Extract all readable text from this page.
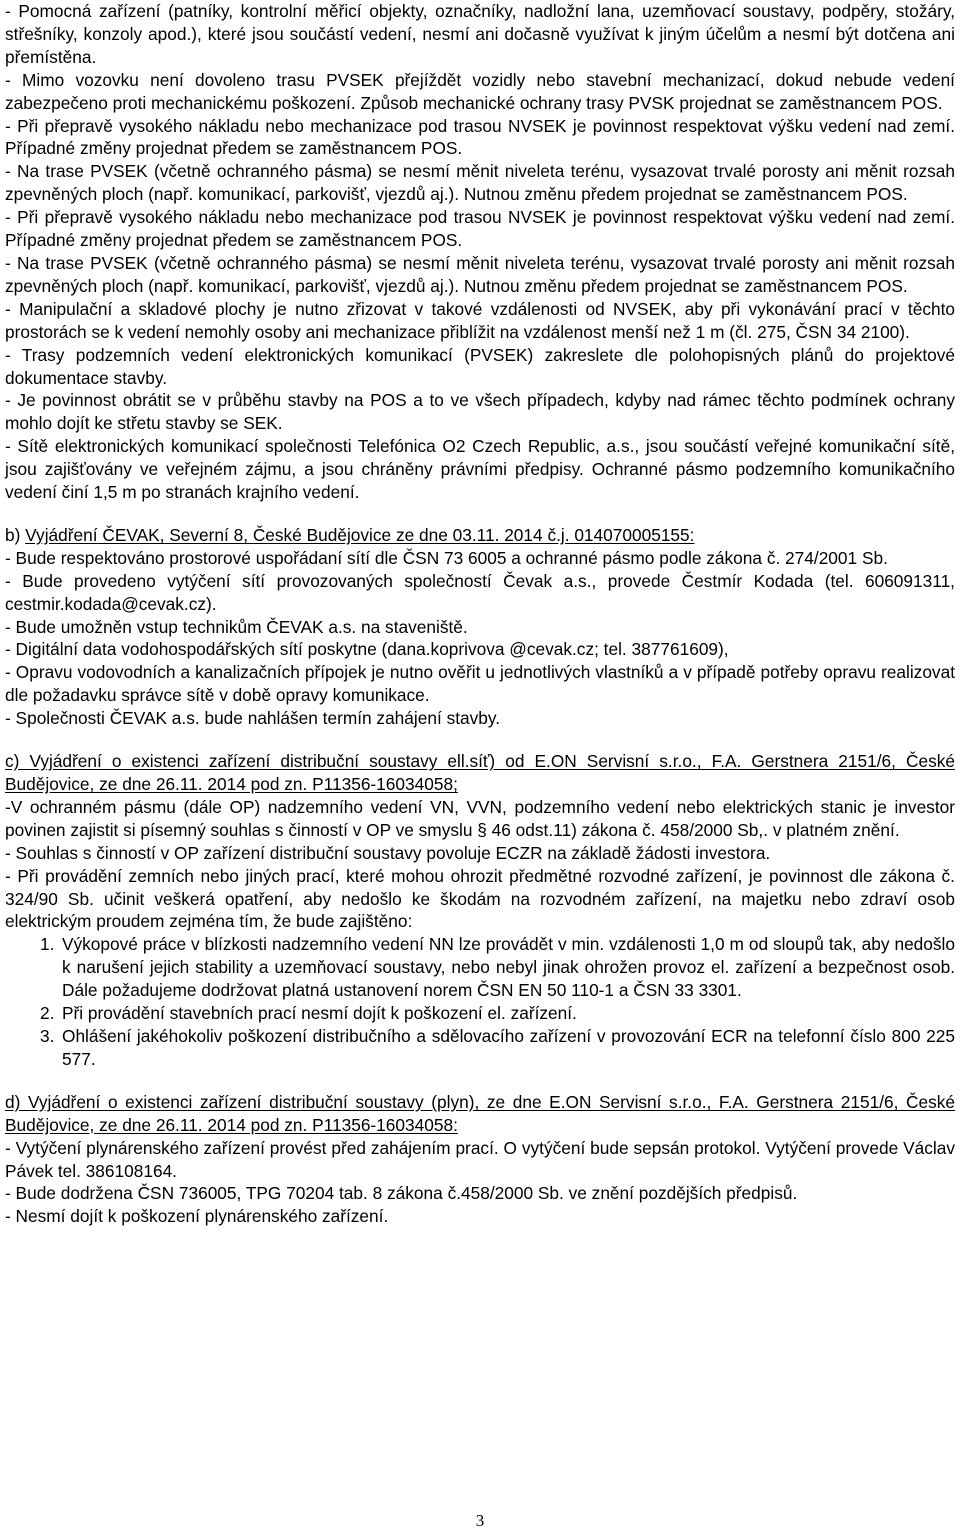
- Pomocná zařízení (patníky, kontrolní měřicí objekty, označníky, nadložní lana, uzemňovací soustavy, podpěry, stožáry, střešníky, konzoly apod.), které jsou součástí vedení, nesmí ani dočasně využívat k jiným účelům a nesmí být dotčena ani přemístěna.

- Mimo vozovku není dovoleno trasu PVSEK přejíždět vozidly nebo stavební mechanizací, dokud nebude vedení zabezpečeno proti mechanickému poškození. Způsob mechanické ochrany trasy PVSK projednat se zaměstnancem POS.

- Při přepravě vysokého nákladu nebo mechanizace pod trasou NVSEK je povinnost respektovat výšku vedení nad zemí. Případné změny projednat předem se zaměstnancem POS.

- Na trase PVSEK (včetně ochranného pásma) se nesmí měnit niveleta terénu, vysazovat trvalé porosty ani měnit rozsah zpevněných ploch (např. komunikací, parkovišť, vjezdů aj.). Nutnou změnu předem projednat se zaměstnancem POS.

- Při přepravě vysokého nákladu nebo mechanizace pod trasou NVSEK je povinnost respektovat výšku vedení nad zemí. Případné změny projednat předem se zaměstnancem POS.

- Na trase PVSEK (včetně ochranného pásma) se nesmí měnit niveleta terénu, vysazovat trvalé porosty ani měnit rozsah zpevněných ploch (např. komunikací, parkovišť, vjezdů aj.). Nutnou změnu předem projednat se zaměstnancem POS.

- Manipulační a skladové plochy je nutno zřizovat v takové vzdálenosti od NVSEK, aby při vykonávání prací v těchto prostorách se k vedení nemohly osoby ani mechanizace přiblížit na vzdálenost menší než 1 m (čl. 275, ČSN 34 2100).

- Trasy podzemních vedení elektronických komunikací (PVSEK) zakreslete dle polohopisných plánů do projektové dokumentace stavby.

- Je povinnost obrátit se v průběhu stavby na POS a to ve všech případech, kdyby nad rámec těchto podmínek ochrany mohlo dojít ke střetu stavby se SEK.

- Sítě elektronických komunikací společnosti Telefónica O2 Czech Republic, a.s., jsou součástí veřejné komunikační sítě, jsou zajišťovány ve veřejném zájmu, a jsou chráněny právními předpisy. Ochranné pásmo podzemního komunikačního vedení činí 1,5 m po stranách krajního vedení.

b) Vyjádření ČEVAK, Severní 8, České Budějovice ze dne 03.11. 2014 č.j. 014070005155:

- Bude respektováno prostorové uspořádaní sítí dle ČSN 73 6005 a ochranné pásmo podle zákona č. 274/2001 Sb.

- Bude provedeno vytýčení sítí provozovaných společností Čevak a.s., provede Čestmír Kodada (tel. 606091311, cestmir.kodada@cevak.cz).

- Bude umožněn vstup technikům ČEVAK a.s. na staveniště.

- Digitální data vodohospodářských sítí poskytne (dana.koprivova @cevak.cz; tel. 387761609),

- Opravu vodovodních a kanalizačních přípojek je nutno ověřit u jednotlivých vlastníků a v případě potřeby opravu realizovat dle požadavku správce sítě v době opravy komunikace.

- Společnosti ČEVAK a.s. bude nahlášen termín zahájení stavby.

c) Vyjádření o existenci zařízení distribuční soustavy ell.síť) od E.ON Servisní s.r.o., F.A. Gerstnera 2151/6, České Budějovice, ze dne 26.11. 2014 pod zn. P11356-16034058;

-V ochranném pásmu (dále OP) nadzemního vedení VN, VVN, podzemního vedení nebo elektrických stanic je investor povinen zajistit si písemný souhlas s činností v OP ve smyslu § 46 odst.11) zákona č. 458/2000 Sb,. v platném znění.

- Souhlas s činností v OP zařízení distribuční soustavy povoluje ECZR na základě žádosti investora.

- Při provádění zemních nebo jiných prací, které mohou ohrozit předmětné rozvodné zařízení, je povinnost dle zákona č. 324/90 Sb. učinit veškerá opatření, aby nedošlo ke škodám na rozvodném zařízení, na majetku nebo zdraví osob elektrickým proudem zejména tím, že bude zajištěno:

1. Výkopové práce v blízkosti nadzemního vedení NN lze provádět v min. vzdálenosti 1,0 m od sloupů tak, aby nedošlo k narušení jejich stability a uzemňovací soustavy, nebo nebyl jinak ohrožen provoz el. zařízení a bezpečnost osob. Dále požadujeme dodržovat platná ustanovení norem ČSN EN 50 110-1 a ČSN 33 3301.
2. Při provádění stavebních prací nesmí dojít k poškození el. zařízení.
3. Ohlášení jakéhokoliv poškození distribučního a sdělovacího zařízení v provozování ECR na telefonní číslo 800 225 577.

d) Vyjádření o existenci zařízení distribuční soustavy (plyn), ze dne E.ON Servisní s.r.o., F.A. Gerstnera 2151/6, České Budějovice, ze dne 26.11. 2014 pod zn. P11356-16034058:

- Vytýčení plynárenského zařízení provést před zahájením prací. O vytýčení bude sepsán protokol. Vytýčení provede Václav Pávek tel. 386108164.

- Bude dodržena ČSN 736005, TPG 70204 tab. 8 zákona č.458/2000 Sb. ve znění pozdějších předpisů.

- Nesmí dojít k poškození plynárenského zařízení.

3
